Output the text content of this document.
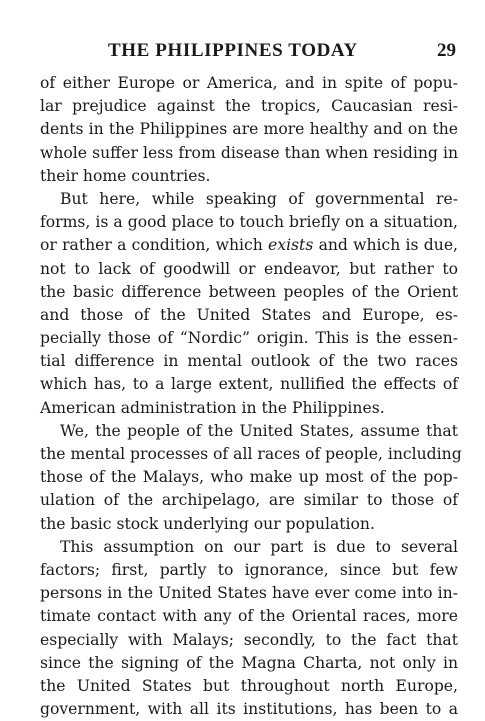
THE PHILIPPINES TODAY	29
of either Europe or America, and in spite of popu-
lar prejudice against the tropics, Caucasian resi-
dents in the Philippines are more healthy and on the
whole suffer less from disease than when residing in
their home countries.
But here, while speaking of governmental re-
forms, is a good place to touch briefly on a situation,
or rather a condition, which exists and which is due,
not to lack of goodwill or endeavor, but rather to
the basic difference between peoples of the Orient
and those of the United States and Europe, es-
pecially those of “Nordic” origin. This is the essen-
tial difference in mental outlook of the two races
which has, to a large extent, nullified the effects of
American administration in the Philippines.
We, the people of the United States, assume that
the mental processes of all races of people, including
those of the Malays, who make up most of the pop-
ulation of the archipelago, are similar to those of
the basic stock underlying our population.
This assumption on our part is due to several
factors; first, partly to ignorance, since but few
persons in the United States have ever come into in-
timate contact with any of the Oriental races, more
especially with Malays; secondly, to the fact that
since the signing of the Magna Charta, not only in
the United States but throughout north Europe,
government, with all its institutions, has been to a
